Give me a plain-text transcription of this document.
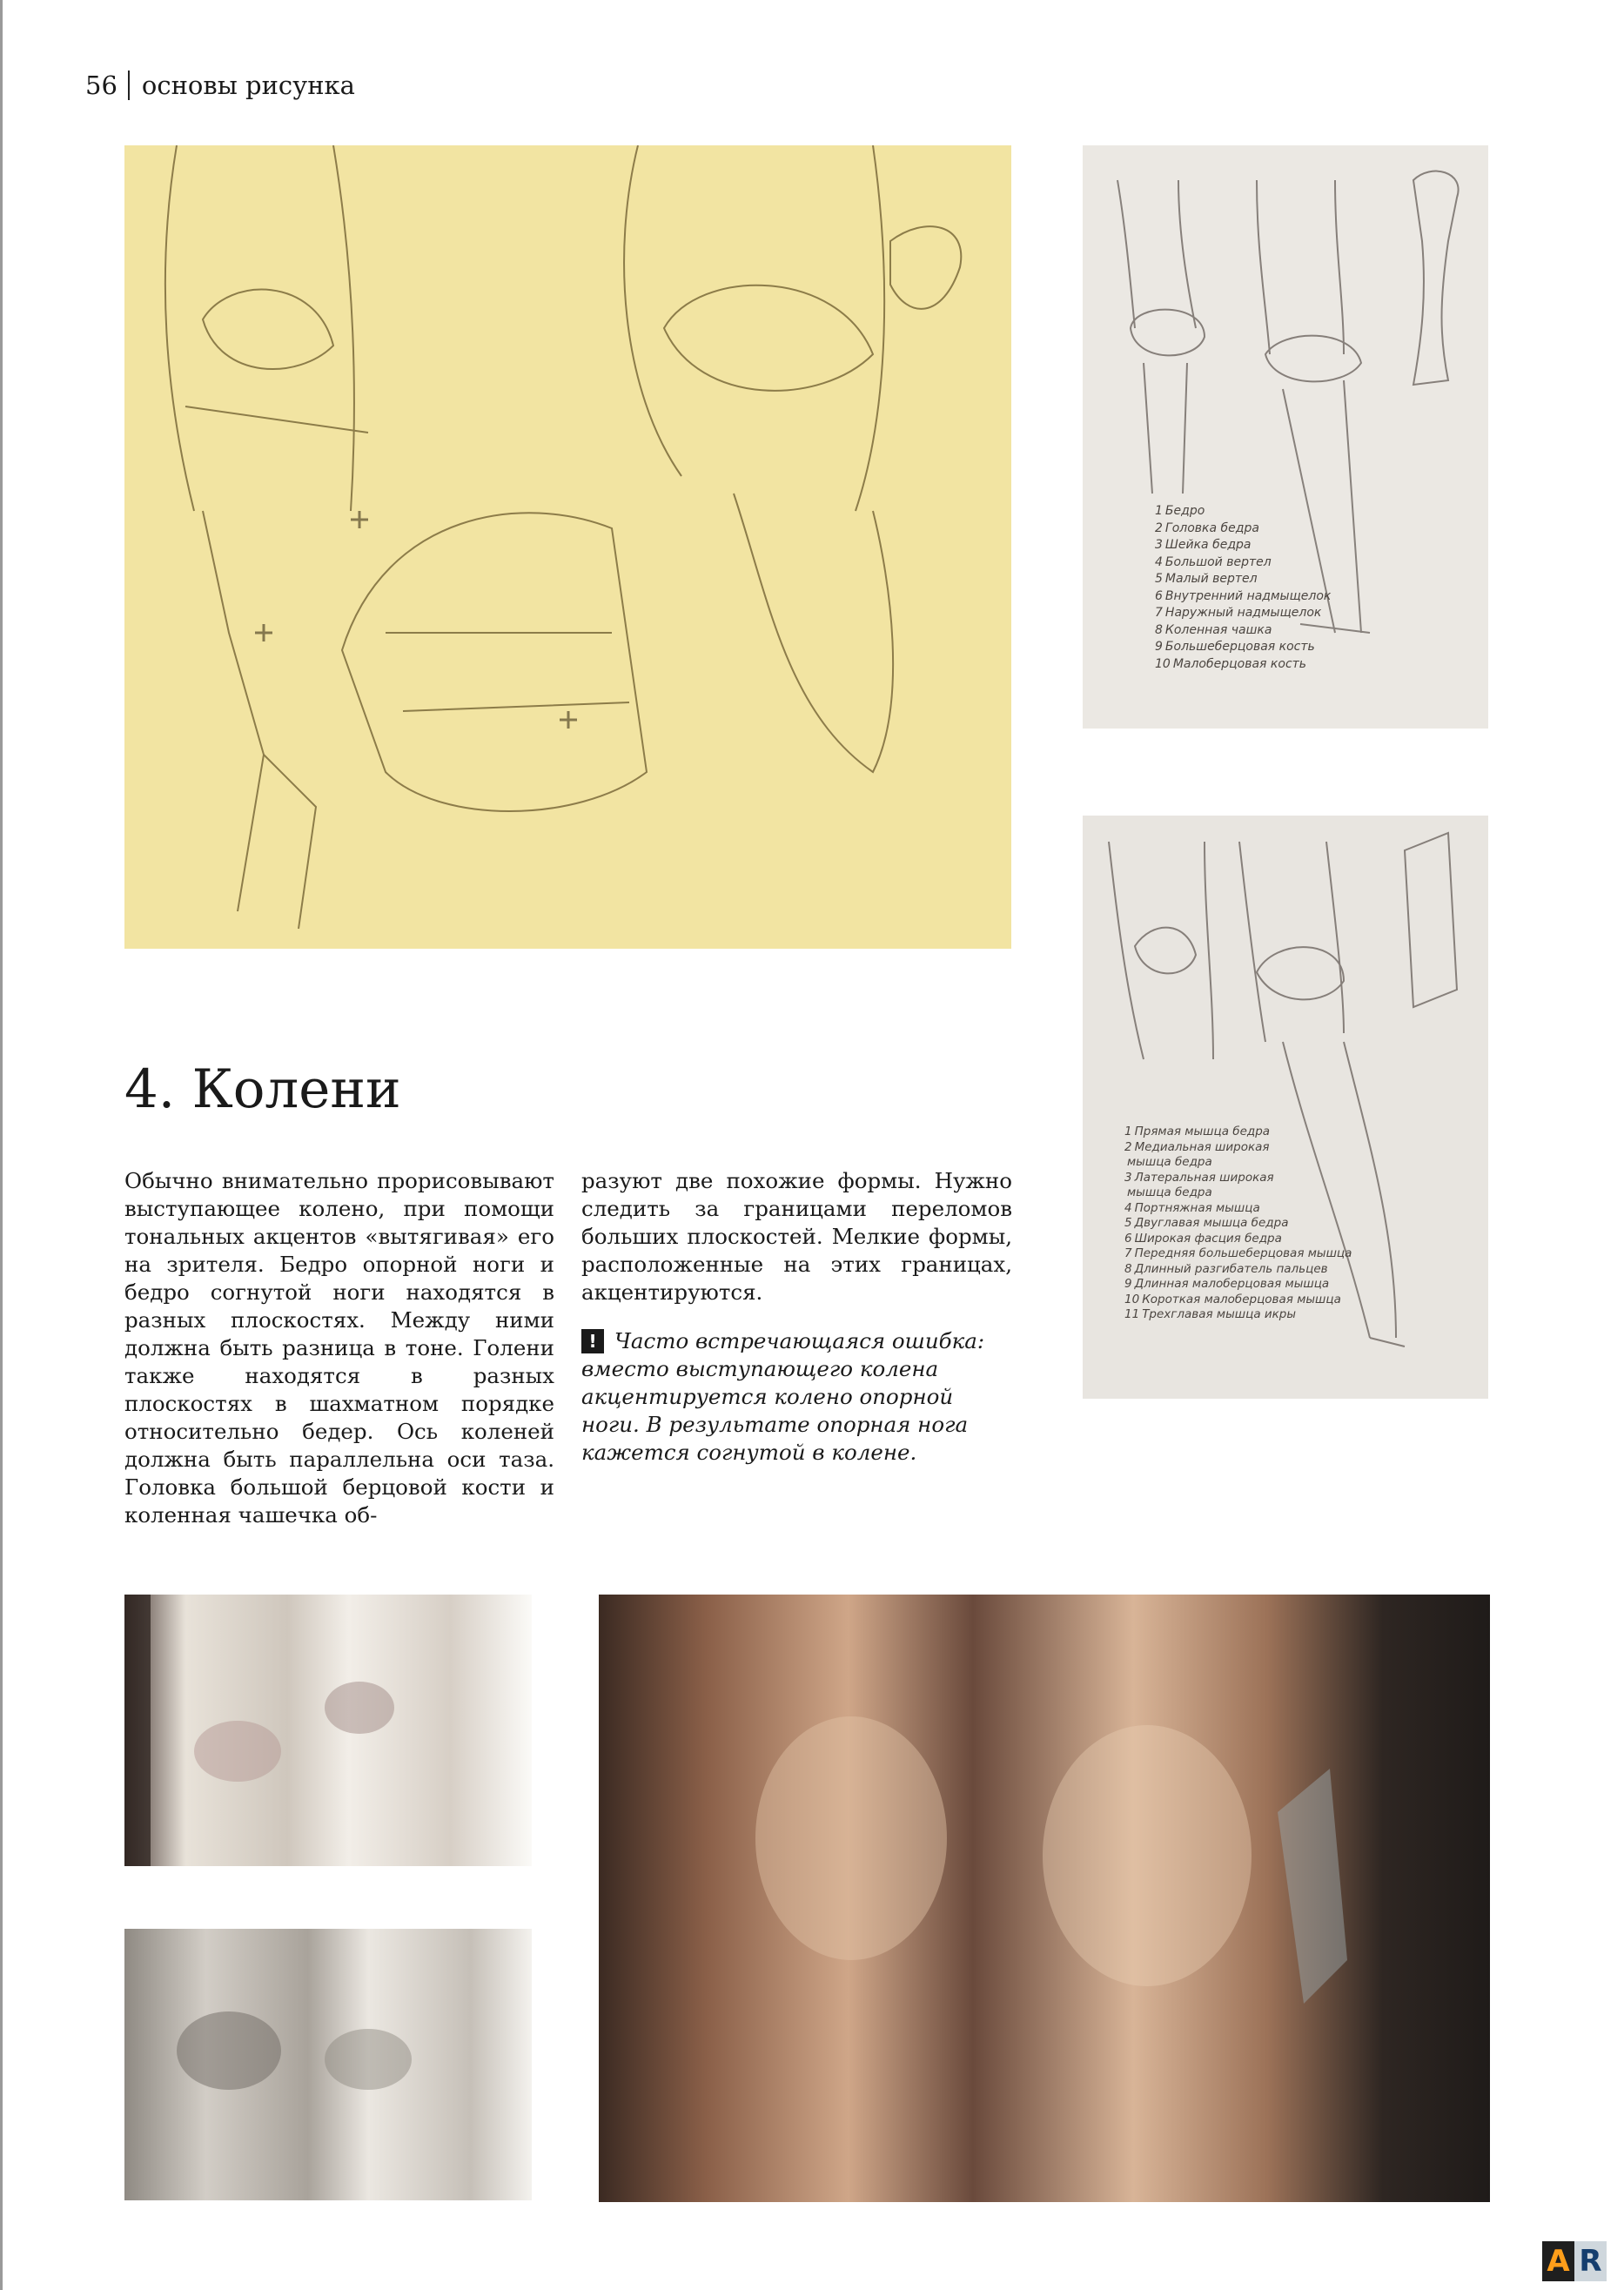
56 основы рисунка
1 Бедро
2 Головка бедра
3 Шейка бедра
4 Большой вертел
5 Малый вертел
6 Внутренний надмыщелок
7 Наружный надмыщелок
8 Коленная чашка
9 Большеберцовая кость
10 Малоберцовая кость
1 Прямая мышца бедра
2 Медиальная широкая
мышца бедра
3 Латеральная широкая
мышца бедра
4 Портняжная мышца
5 Двуглавая мышца бедра
6 Широкая фасция бедра
7 Передняя большеберцовая мышца
8 Длинный разгибатель пальцев
9 Длинная малоберцовая мышца
10 Короткая малоберцовая мышца
11 Трехглавая мышца икры
4. Колени

Обычно внимательно прорисовывают выступающее колено, при помощи тональных акцентов «вытягивая» его на зрителя. Бедро опорной ноги и бедро согнутой ноги находятся в разных плоскостях. Между ними должна быть разница в тоне. Голени также находятся в разных плоскостях в шахматном порядке относительно бедер. Ось коленей должна быть параллельна оси таза. Головка большой берцовой кости и коленная чашечка об-

разуют две похожие формы. Нужно следить за границами переломов больших плоскостей. Мелкие формы, расположенные на этих границах, акцентируются.

! Часто встречающаяся ошибка: вместо выступающего колена акцентируется колено опорной ноги. В результате опорная нога кажется согнутой в колене.

A R
